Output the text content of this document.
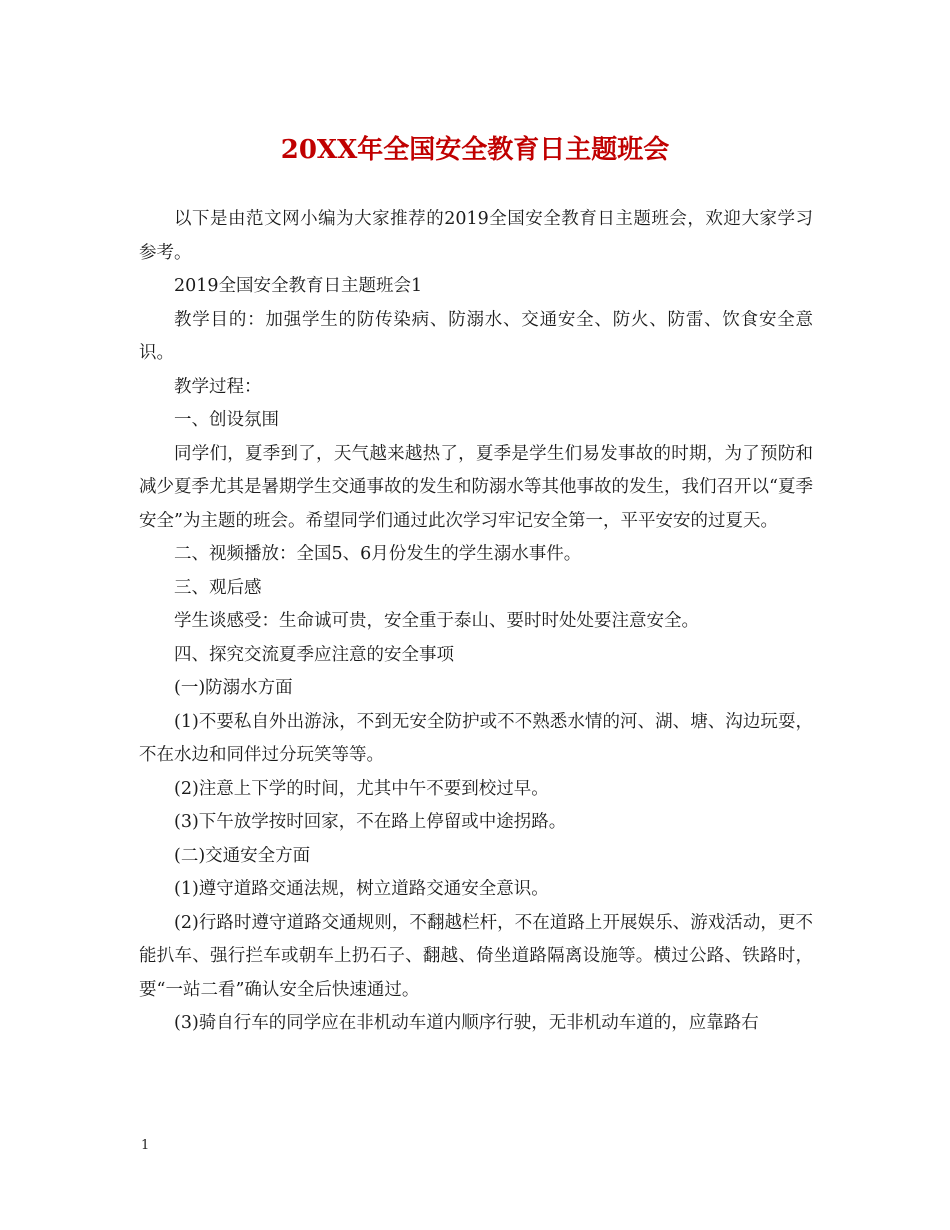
20XX年全国安全教育日主题班会

以下是由范文网小编为大家推荐的2019全国安全教育日主题班会，欢迎大家学习参考。

2019全国安全教育日主题班会1

教学目的：加强学生的防传染病、防溺水、交通安全、防火、防雷、饮食安全意识。

教学过程：

一、创设氛围

同学们，夏季到了，天气越来越热了，夏季是学生们易发事故的时期，为了预防和减少夏季尤其是暑期学生交通事故的发生和防溺水等其他事故的发生，我们召开以“夏季安全”为主题的班会。希望同学们通过此次学习牢记安全第一，平平安安的过夏天。

二、视频播放：全国5、6月份发生的学生溺水事件。

三、观后感

学生谈感受：生命诚可贵，安全重于泰山、要时时处处要注意安全。

四、探究交流夏季应注意的安全事项

(一)防溺水方面

(1)不要私自外出游泳，不到无安全防护或不不熟悉水情的河、湖、塘、沟边玩耍，不在水边和同伴过分玩笑等等。

(2)注意上下学的时间，尤其中午不要到校过早。

(3)下午放学按时回家，不在路上停留或中途拐路。

(二)交通安全方面

(1)遵守道路交通法规，树立道路交通安全意识。

(2)行路时遵守道路交通规则，不翻越栏杆，不在道路上开展娱乐、游戏活动，更不能扒车、强行拦车或朝车上扔石子、翻越、倚坐道路隔离设施等。横过公路、铁路时，要“一站二看”确认安全后快速通过。

(3)骑自行车的同学应在非机动车道内顺序行驶，无非机动车道的，应靠路右

1
